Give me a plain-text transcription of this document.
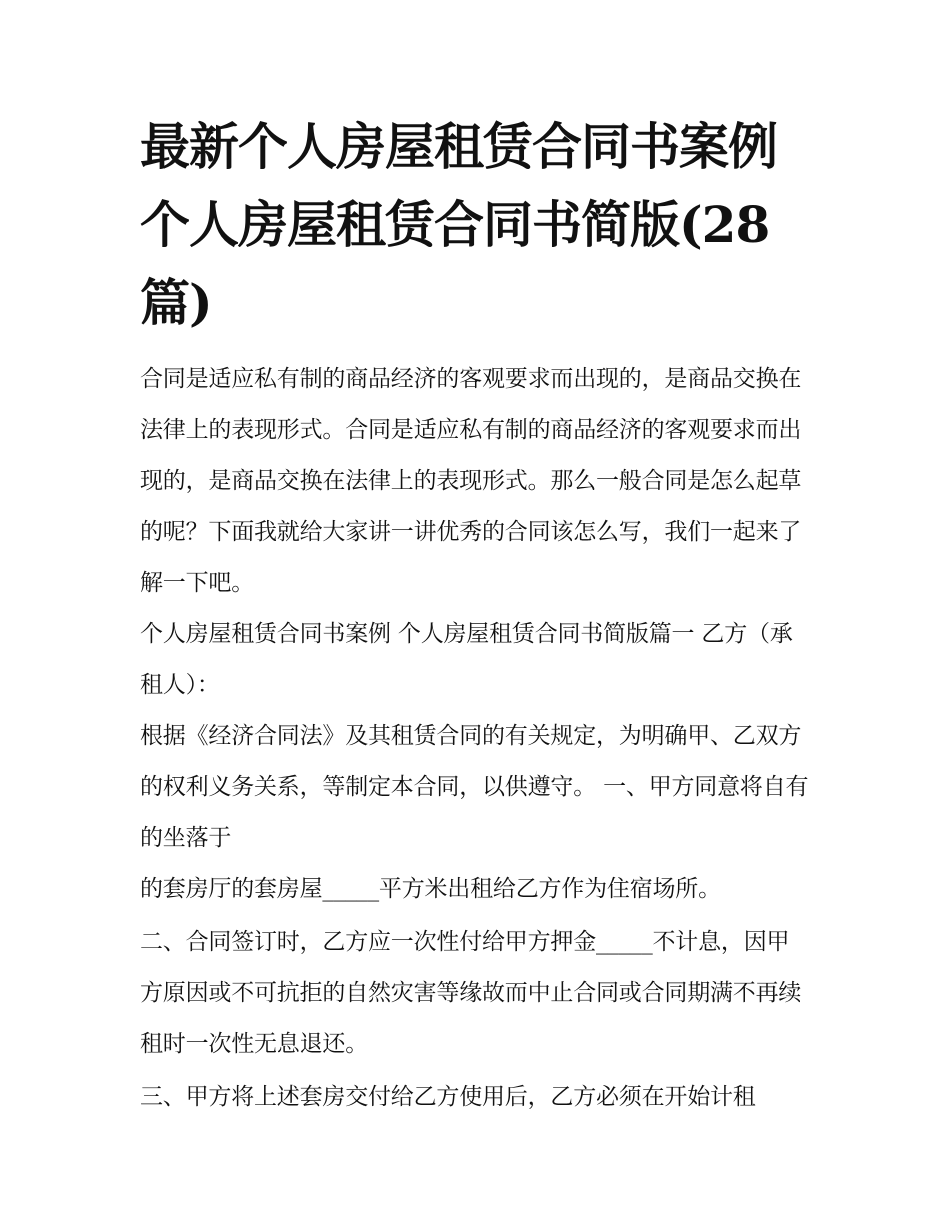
最新个人房屋租赁合同书案例 个人房屋租赁合同书简版(28篇)

合同是适应私有制的商品经济的客观要求而出现的，是商品交换在法律上的表现形式。合同是适应私有制的商品经济的客观要求而出现的，是商品交换在法律上的表现形式。那么一般合同是怎么起草的呢？下面我就给大家讲一讲优秀的合同该怎么写，我们一起来了解一下吧。

个人房屋租赁合同书案例 个人房屋租赁合同书简版篇一 乙方（承租人）：

根据《经济合同法》及其租赁合同的有关规定，为明确甲、乙双方的权利义务关系，等制定本合同，以供遵守。 一、甲方同意将自有的坐落于

的套房厅的套房屋_____平方米出租给乙方作为住宿场所。

二、合同签订时，乙方应一次性付给甲方押金_____不计息，因甲方原因或不可抗拒的自然灾害等缘故而中止合同或合同期满不再续租时一次性无息退还。

三、甲方将上述套房交付给乙方使用后，乙方必须在开始计租
